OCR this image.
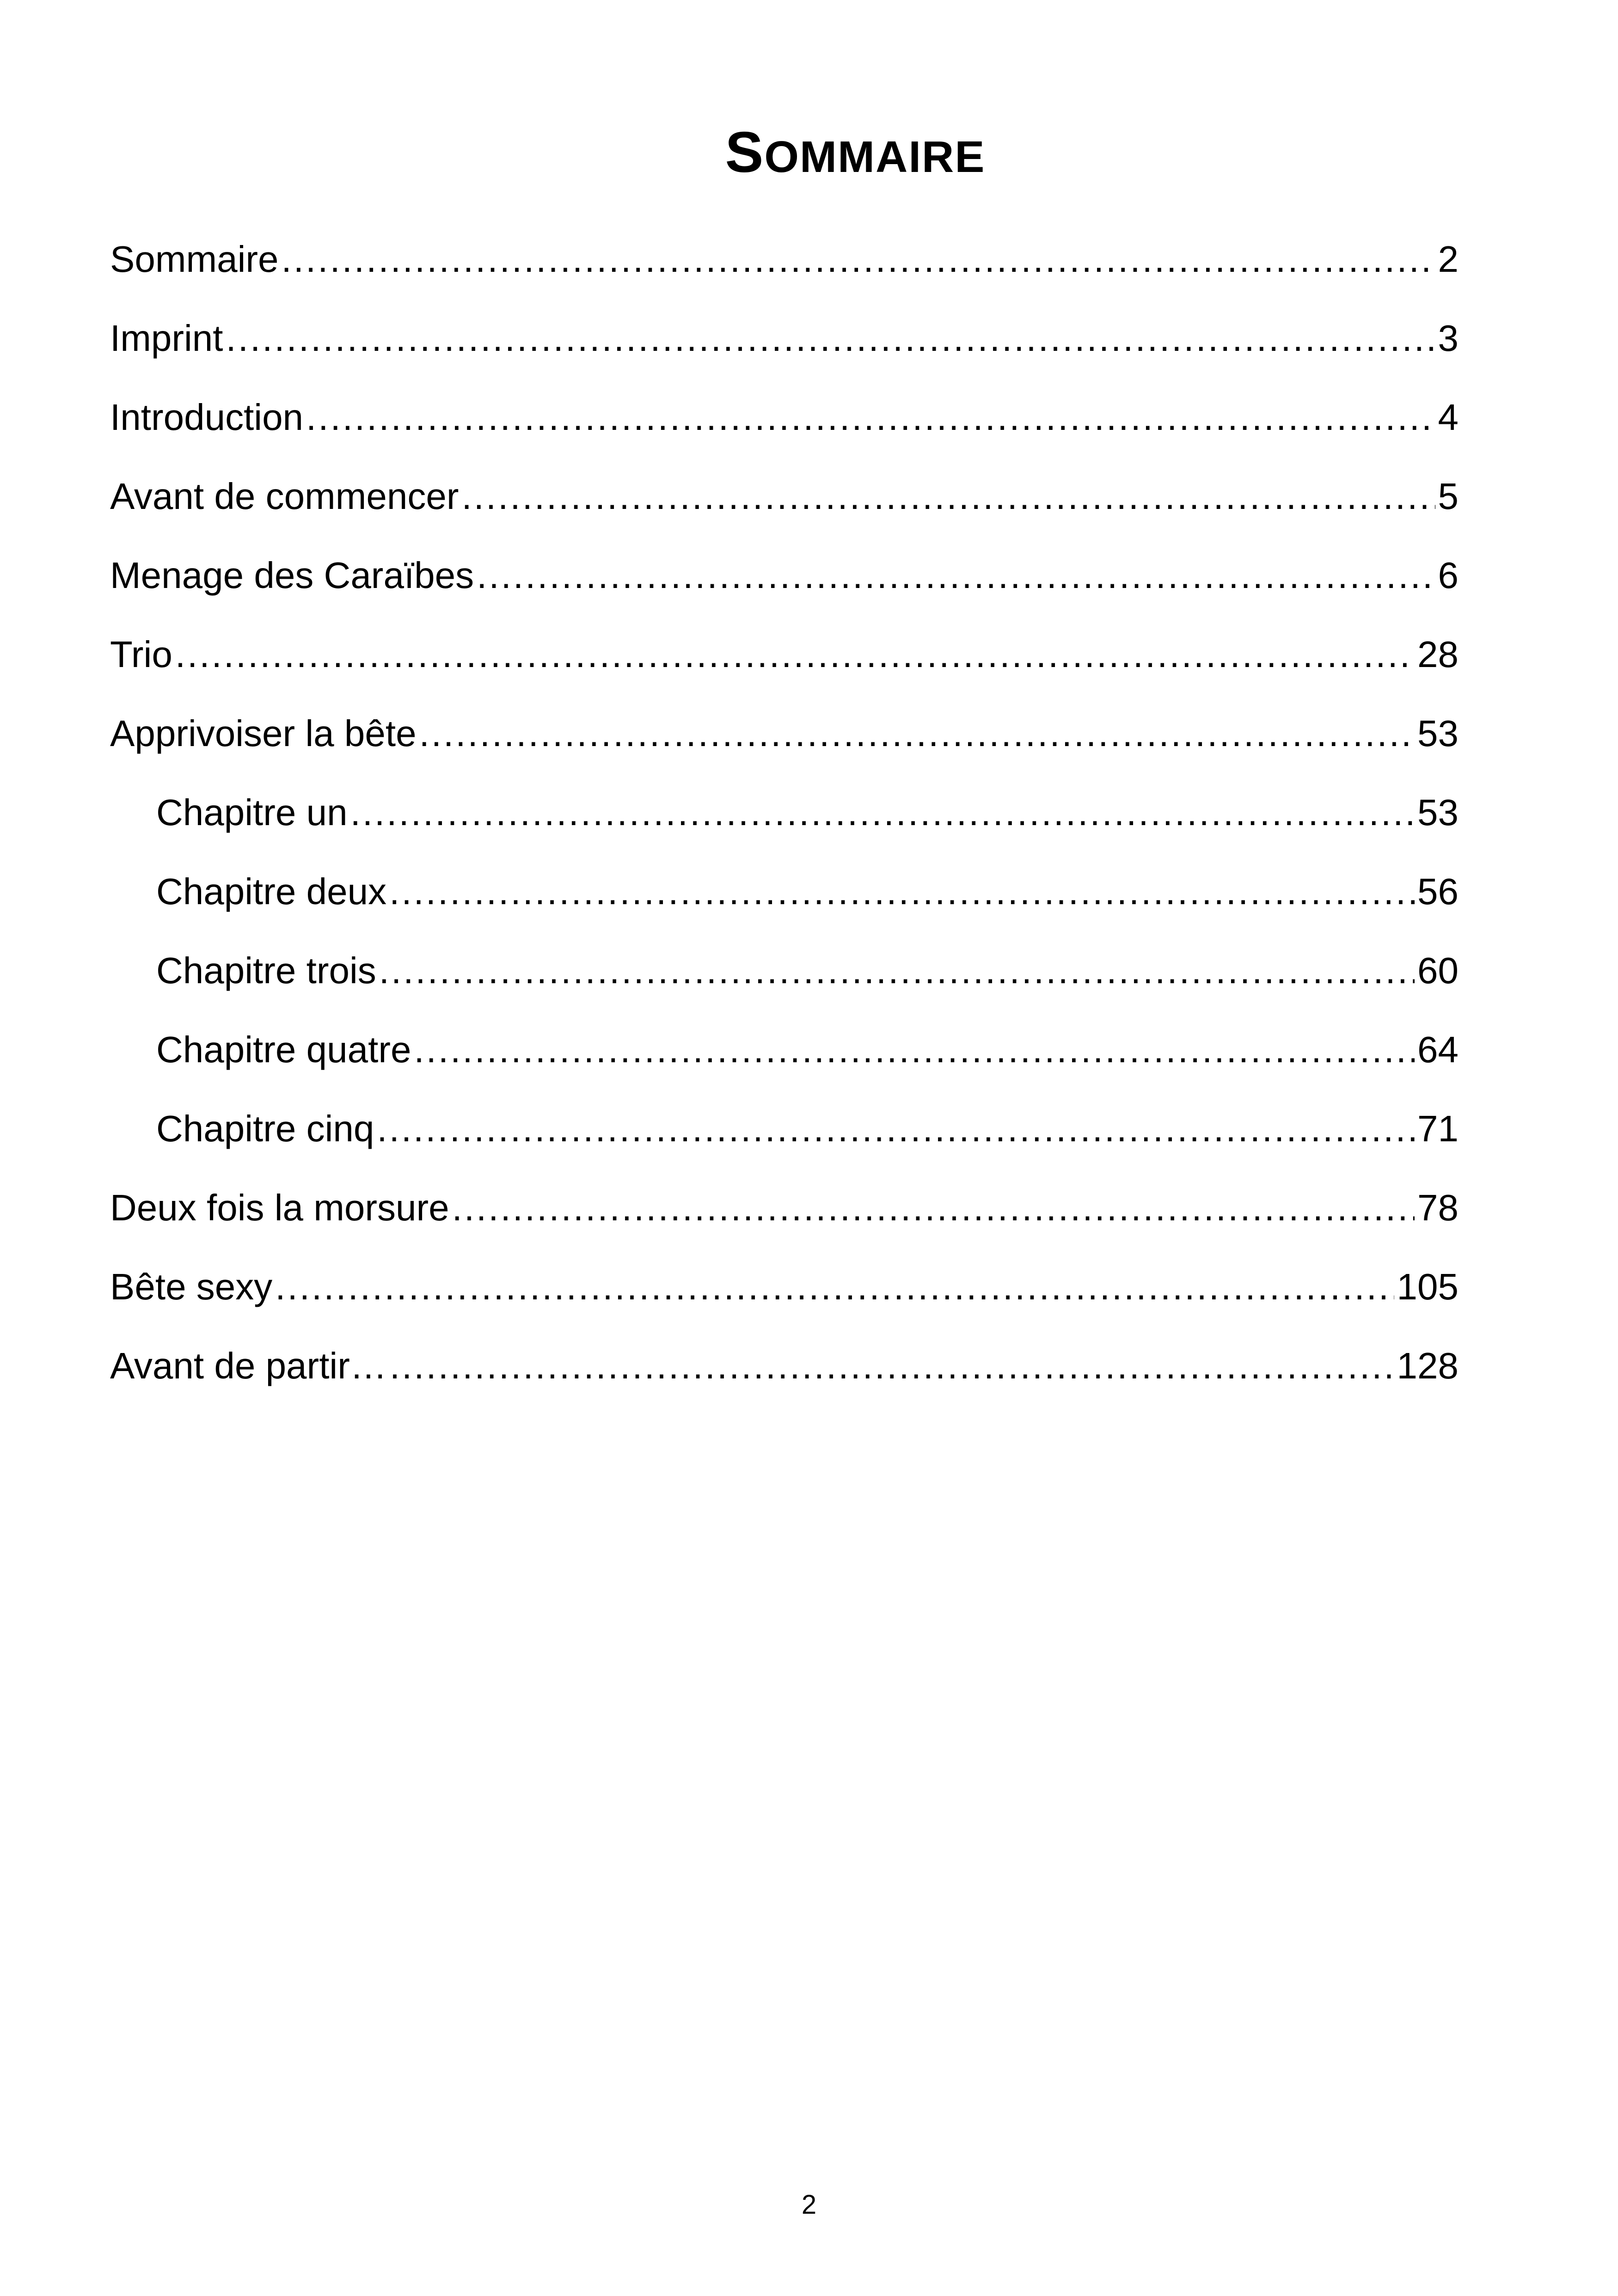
SOMMAIRE
Sommaire .....	2
Imprint .....	3
Introduction .....	4
Avant de commencer .....	5
Menage des Caraïbes .....	6
Trio .....	28
Apprivoiser la bête .....	53
Chapitre un .....	53
Chapitre deux .....	56
Chapitre trois .....	60
Chapitre quatre .....	64
Chapitre cinq .....	71
Deux fois la morsure .....	78
Bête sexy .....	105
Avant de partir… .....	128
2
